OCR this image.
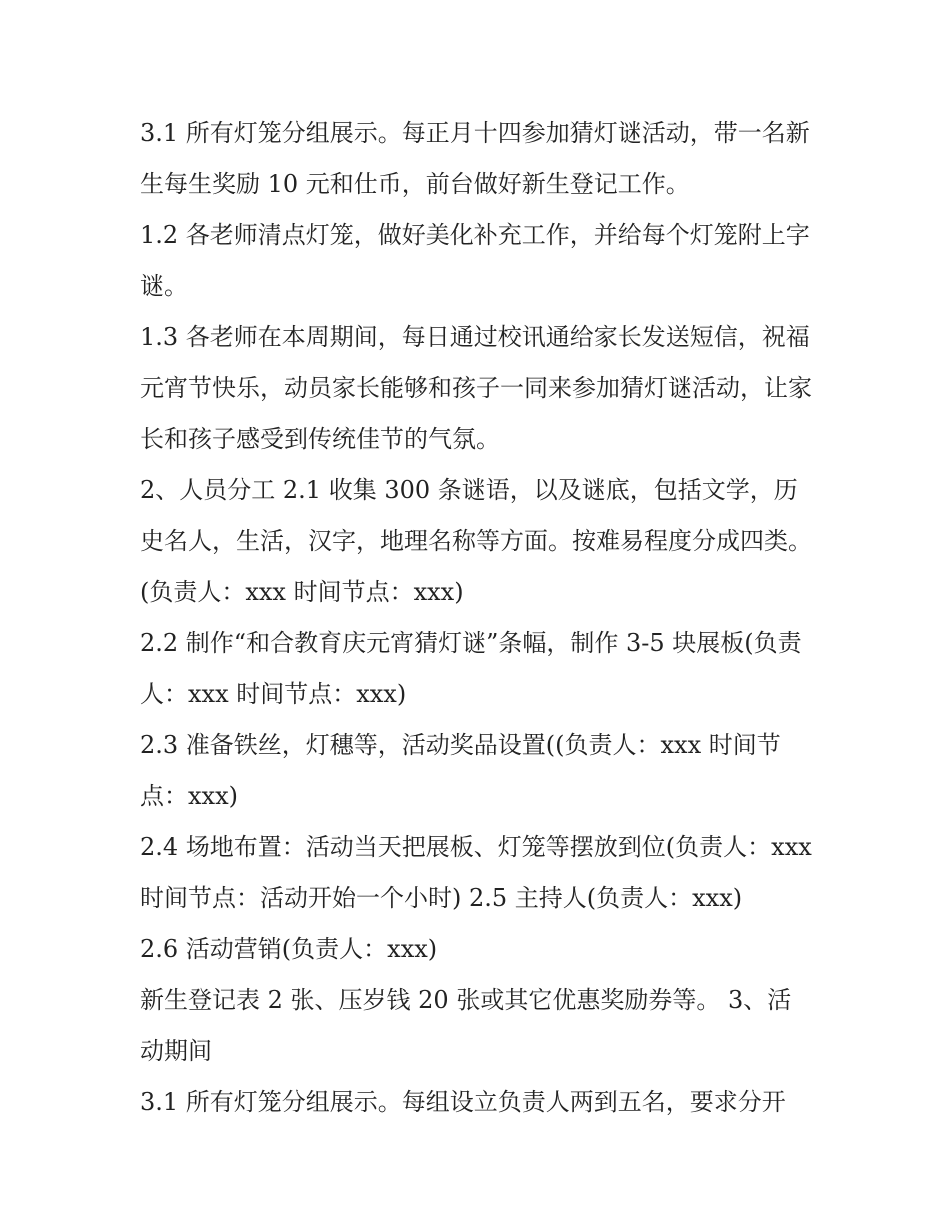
3.1 所有灯笼分组展示。每正月十四参加猜灯谜活动，带一名新生每生奖励 10 元和仕币，前台做好新生登记工作。

1.2 各老师清点灯笼，做好美化补充工作，并给每个灯笼附上字谜。

1.3 各老师在本周期间，每日通过校讯通给家长发送短信，祝福元宵节快乐，动员家长能够和孩子一同来参加猜灯谜活动，让家长和孩子感受到传统佳节的气氛。

2、人员分工 2.1 收集 300 条谜语，以及谜底，包括文学，历史名人，生活，汉字，地理名称等方面。按难易程度分成四类。(负责人：xxx 时间节点：xxx)

2.2 制作“和合教育庆元宵猜灯谜”条幅，制作 3-5 块展板(负责人：xxx 时间节点：xxx)

2.3 准备铁丝，灯穗等，活动奖品设置((负责人：xxx 时间节点：xxx)

2.4 场地布置：活动当天把展板、灯笼等摆放到位(负责人：xxx 时间节点：活动开始一个小时) 2.5 主持人(负责人：xxx)

2.6 活动营销(负责人：xxx)

新生登记表 2 张、压岁钱 20 张或其它优惠奖励券等。 3、活动期间

3.1 所有灯笼分组展示。每组设立负责人两到五名，要求分开
